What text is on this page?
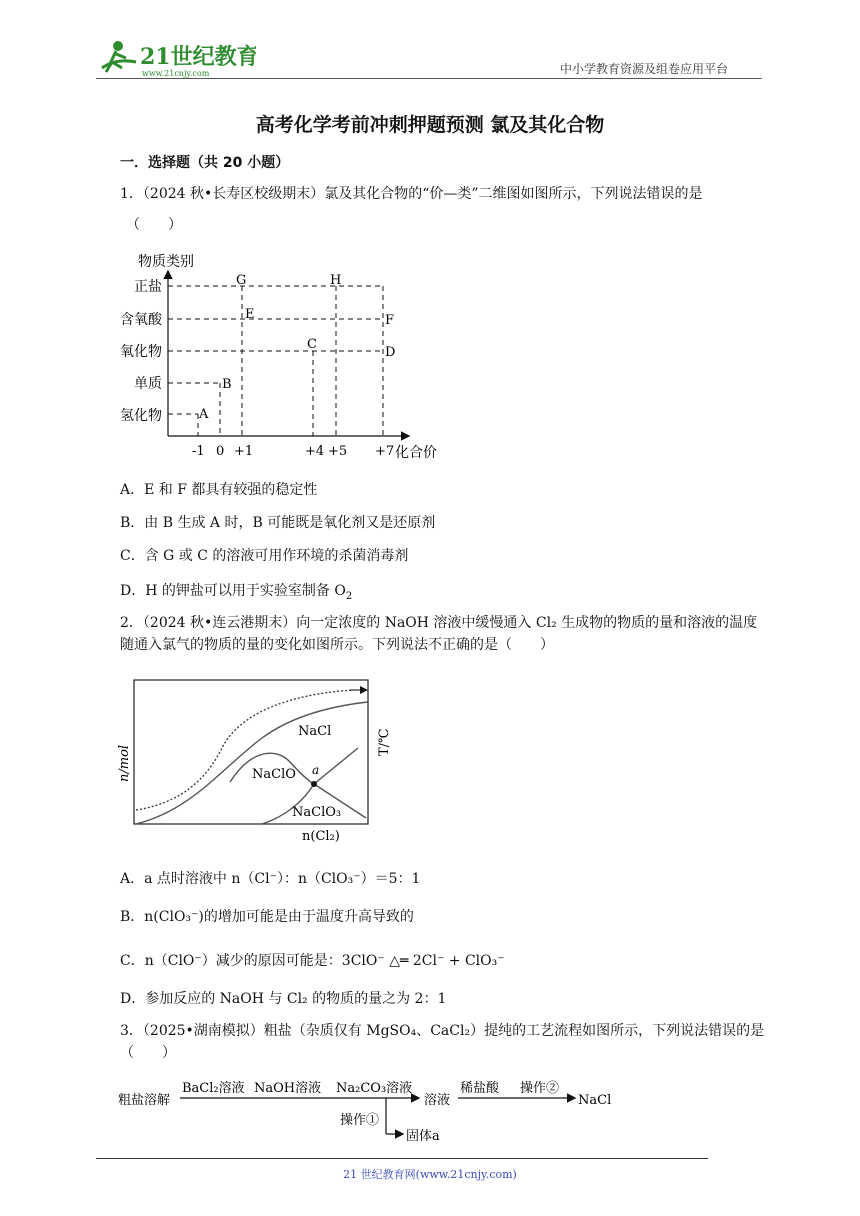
21世纪教育
www.21cnjy.com	中小学教育资源及组卷应用平台
高考化学考前冲刺押题预测 氯及其化合物
一．选择题（共 20 小题）
1．（2024 秋•长寿区校级期末）氯及其化合物的“价—类”二维图如图所示，下列说法错误的是
（　　）
物质类别
化合价
正盐
含氧酸
氧化物
单质
氢化物
-1 0 +1	+4 +5 +7
A
B
C
D
E	F
G	H
A．E 和 F 都具有较强的稳定性
B．由 B 生成 A 时，B 可能既是氧化剂又是还原剂
C．含 G 或 C 的溶液可用作环境的杀菌消毒剂
D．H 的钾盐可以用于实验室制备 $O_2$
2．（2024 秋•连云港期末）向一定浓度的 NaOH 溶液中缓慢通入 Cl₂ 生成物的物质的量和溶液的温度随通入氯气的物质的量的变化如图所示。下列说法不正确的是（　　）
a
NaCl
NaClO
NaClO₃
n/mol
T/℃
n(Cl₂)
A．a 点时溶液中 n（Cl⁻）：n（ClO₃⁻）＝5：1
B．n(ClO₃⁻)的增加可能是由于温度升高导致的
C．n（ClO⁻）减少的原因可能是：3ClO⁻ △═ 2Cl⁻ + ClO₃⁻
D．参加反应的 NaOH 与 Cl₂ 的物质的量之为 2：1
3．（2025•湖南模拟）粗盐（杂质仅有 MgSO₄、CaCl₂）提纯的工艺流程如图所示，下列说法错误的是（　　）
粗盐溶解
BaCl₂溶液 NaOH溶液 Na₂CO₃溶液
溶液
稀盐酸 操作②
NaCl
操作①
固体a
21 世纪教育网(www.21cnjy.com)
